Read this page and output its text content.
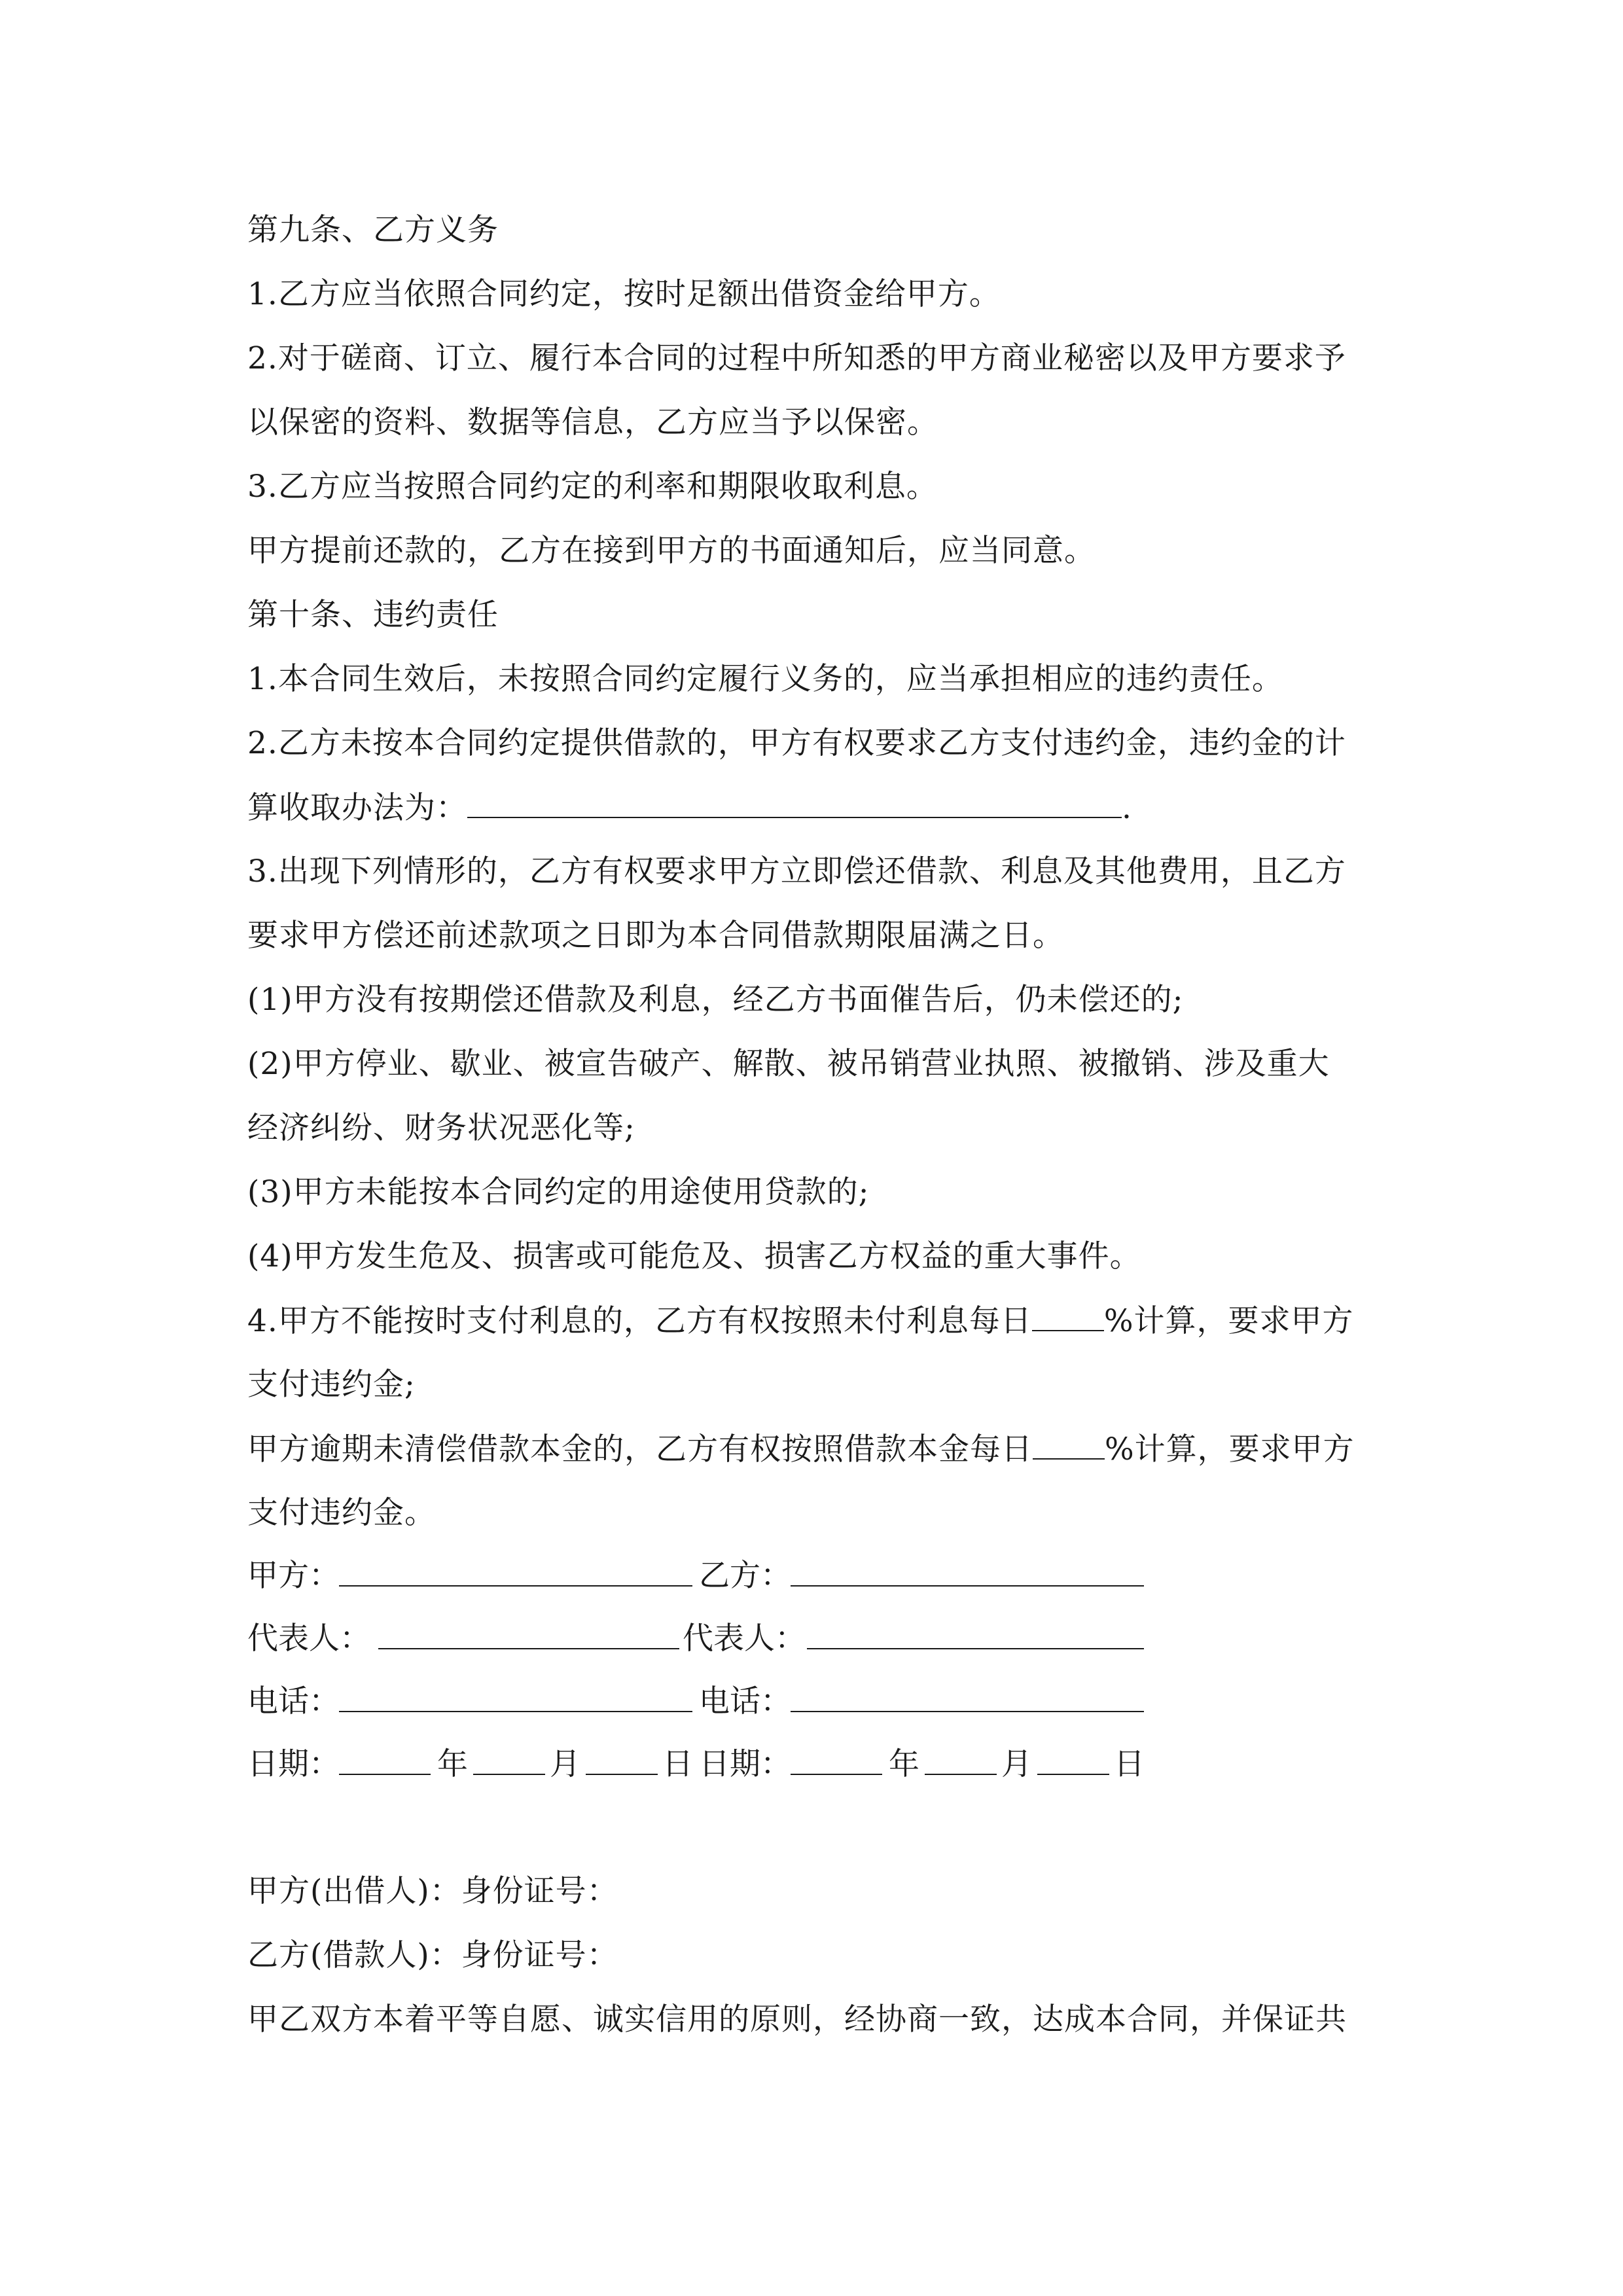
第九条、乙方义务
1.乙方应当依照合同约定，按时足额出借资金给甲方。
2.对于磋商、订立、履行本合同的过程中所知悉的甲方商业秘密以及甲方要求予
以保密的资料、数据等信息，乙方应当予以保密。
3.乙方应当按照合同约定的利率和期限收取利息。
甲方提前还款的，乙方在接到甲方的书面通知后，应当同意。
第十条、违约责任
1.本合同生效后，未按照合同约定履行义务的，应当承担相应的违约责任。
2.乙方未按本合同约定提供借款的，甲方有权要求乙方支付违约金，违约金的计
算收取办法为：	.
3.出现下列情形的，乙方有权要求甲方立即偿还借款、利息及其他费用，且乙方
要求甲方偿还前述款项之日即为本合同借款期限届满之日。
(1)甲方没有按期偿还借款及利息，经乙方书面催告后，仍未偿还的;
(2)甲方停业、歇业、被宣告破产、解散、被吊销营业执照、被撤销、涉及重大
经济纠纷、财务状况恶化等;
(3)甲方未能按本合同约定的用途使用贷款的;
(4)甲方发生危及、损害或可能危及、损害乙方权益的重大事件。
4.甲方不能按时支付利息的，乙方有权按照未付利息每日 %计算，要求甲方
支付违约金;
甲方逾期未清偿借款本金的，乙方有权按照借款本金每日 %计算，要求甲方
支付违约金。
甲方：	乙方：
代表人：	代表人：
电话：	电话：
日期：	年	月	日 日期：	年	月	日
甲方(出借人)：身份证号：
乙方(借款人)：身份证号：
甲乙双方本着平等自愿、诚实信用的原则，经协商一致，达成本合同，并保证共
